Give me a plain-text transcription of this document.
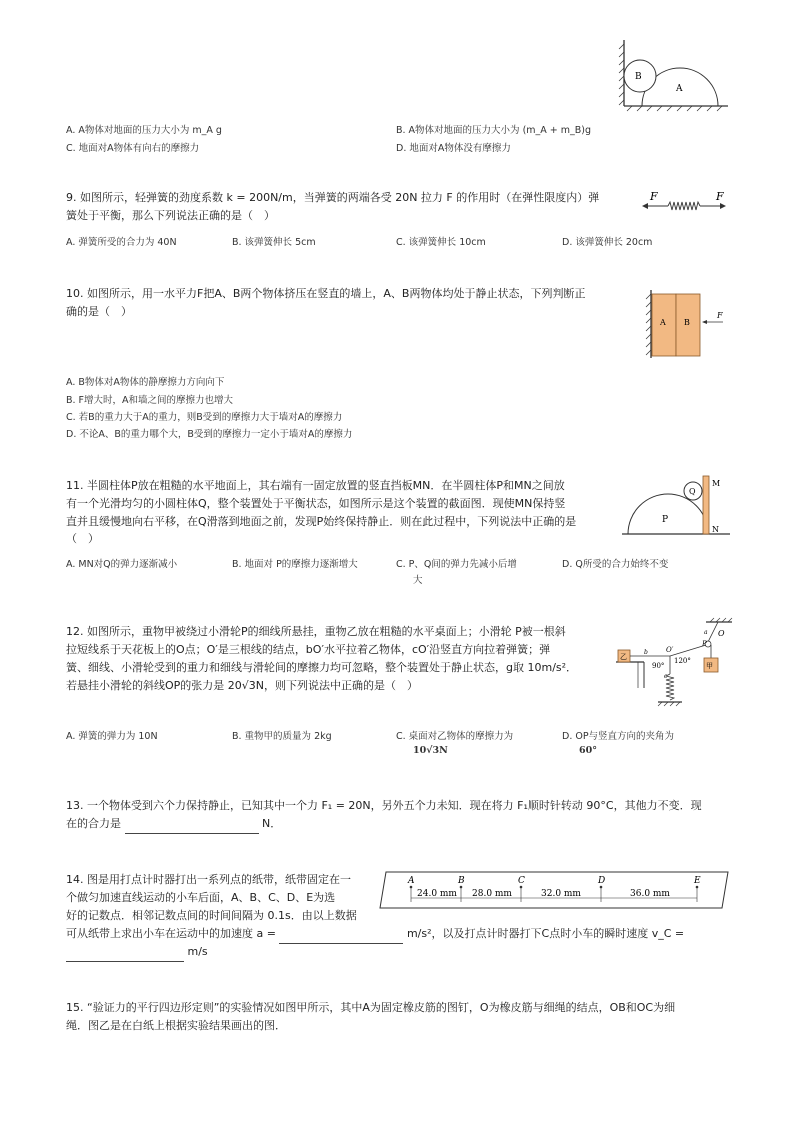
B
A
A. A物体对地面的压力大小为 m_A g	B. A物体对地面的压力大小为 (m_A + m_B)g
C. 地面对A物体有向右的摩擦力	D. 地面对A物体没有摩擦力
9. 如图所示，轻弹簧的劲度系数 k = 200N/m，当弹簧的两端各受 20N 拉力 F 的作用时（在弹性限度内）弹
簧处于平衡，那么下列说法正确的是（　）
F	F
A. 弹簧所受的合力为 40N	B. 该弹簧伸长 5cm	C. 该弹簧伸长 10cm	D. 该弹簧伸长 20cm
10. 如图所示，用一水平力F把A、B两个物体挤压在竖直的墙上，A、B两物体均处于静止状态，下列判断正
确的是（　）
A B
F
A. B物体对A物体的静摩擦力方向向下
B. F增大时，A和墙之间的摩擦力也增大
C. 若B的重力大于A的重力，则B受到的摩擦力大于墙对A的摩擦力
D. 不论A、B的重力哪个大，B受到的摩擦力一定小于墙对A的摩擦力
11. 半圆柱体P放在粗糙的水平地面上，其右端有一固定放置的竖直挡板MN．在半圆柱体P和MN之间放
有一个光滑均匀的小圆柱体Q，整个装置处于平衡状态，如图所示是这个装置的截面图．现使MN保持竖
直并且缓慢地向右平移，在Q滑落到地面之前，发现P始终保持静止．则在此过程中，下列说法中正确的是
（　）
P
Q
M
N
A. MN对Q的弹力逐渐减小	B. 地面对 P的摩擦力逐渐增大	C. P、Q间的弹力先减小后增
大
D. Q所受的合力始终不变
12. 如图所示，重物甲被绕过小滑轮P的细线所悬挂，重物乙放在粗糙的水平桌面上；小滑轮 P被一根斜
拉短线系于天花板上的O点；O′是三根线的结点，bO′水平拉着乙物体，cO′沿竖直方向拉着弹簧；弹
簧、细线、小滑轮受到的重力和细线与滑轮间的摩擦力均可忽略，整个装置处于静止状态，g取 10m/s²．
若悬挂小滑轮的斜线OP的张力是 20√3N，则下列说法中正确的是（　）
O
a
P
乙
O′
b
90°
120°
c
甲
A. 弹簧的弹力为 10N	B. 重物甲的质量为 2kg	C. 桌面对乙物体的摩擦力为
10√3N
D. OP与竖直方向的夹角为
60°
13. 一个物体受到六个力保持静止，已知其中一个力 F₁ = 20N，另外五个力未知．现在将力 F₁顺时针转动 90°C，其他力不变．现
在的合力是	N．
14. 图是用打点计时器打出一系列点的纸带，纸带固定在一
个做匀加速直线运动的小车后面，A、B、C、D、E为选
好的记数点．相邻记数点间的时间间隔为 0.1s．由以上数据
可从纸带上求出小车在运动中的加速度 a =	m/s²，以及打点计时器打下C点时小车的瞬时速度 v_C =
m/s
A	B	C	D	E
24.0 mm 28.0 mm	32.0 mm	36.0 mm
15. “验证力的平行四边形定则”的实验情况如图甲所示，其中A为固定橡皮筋的图钉，O为橡皮筋与细绳的结点，OB和OC为细
绳．图乙是在白纸上根据实验结果画出的图．
